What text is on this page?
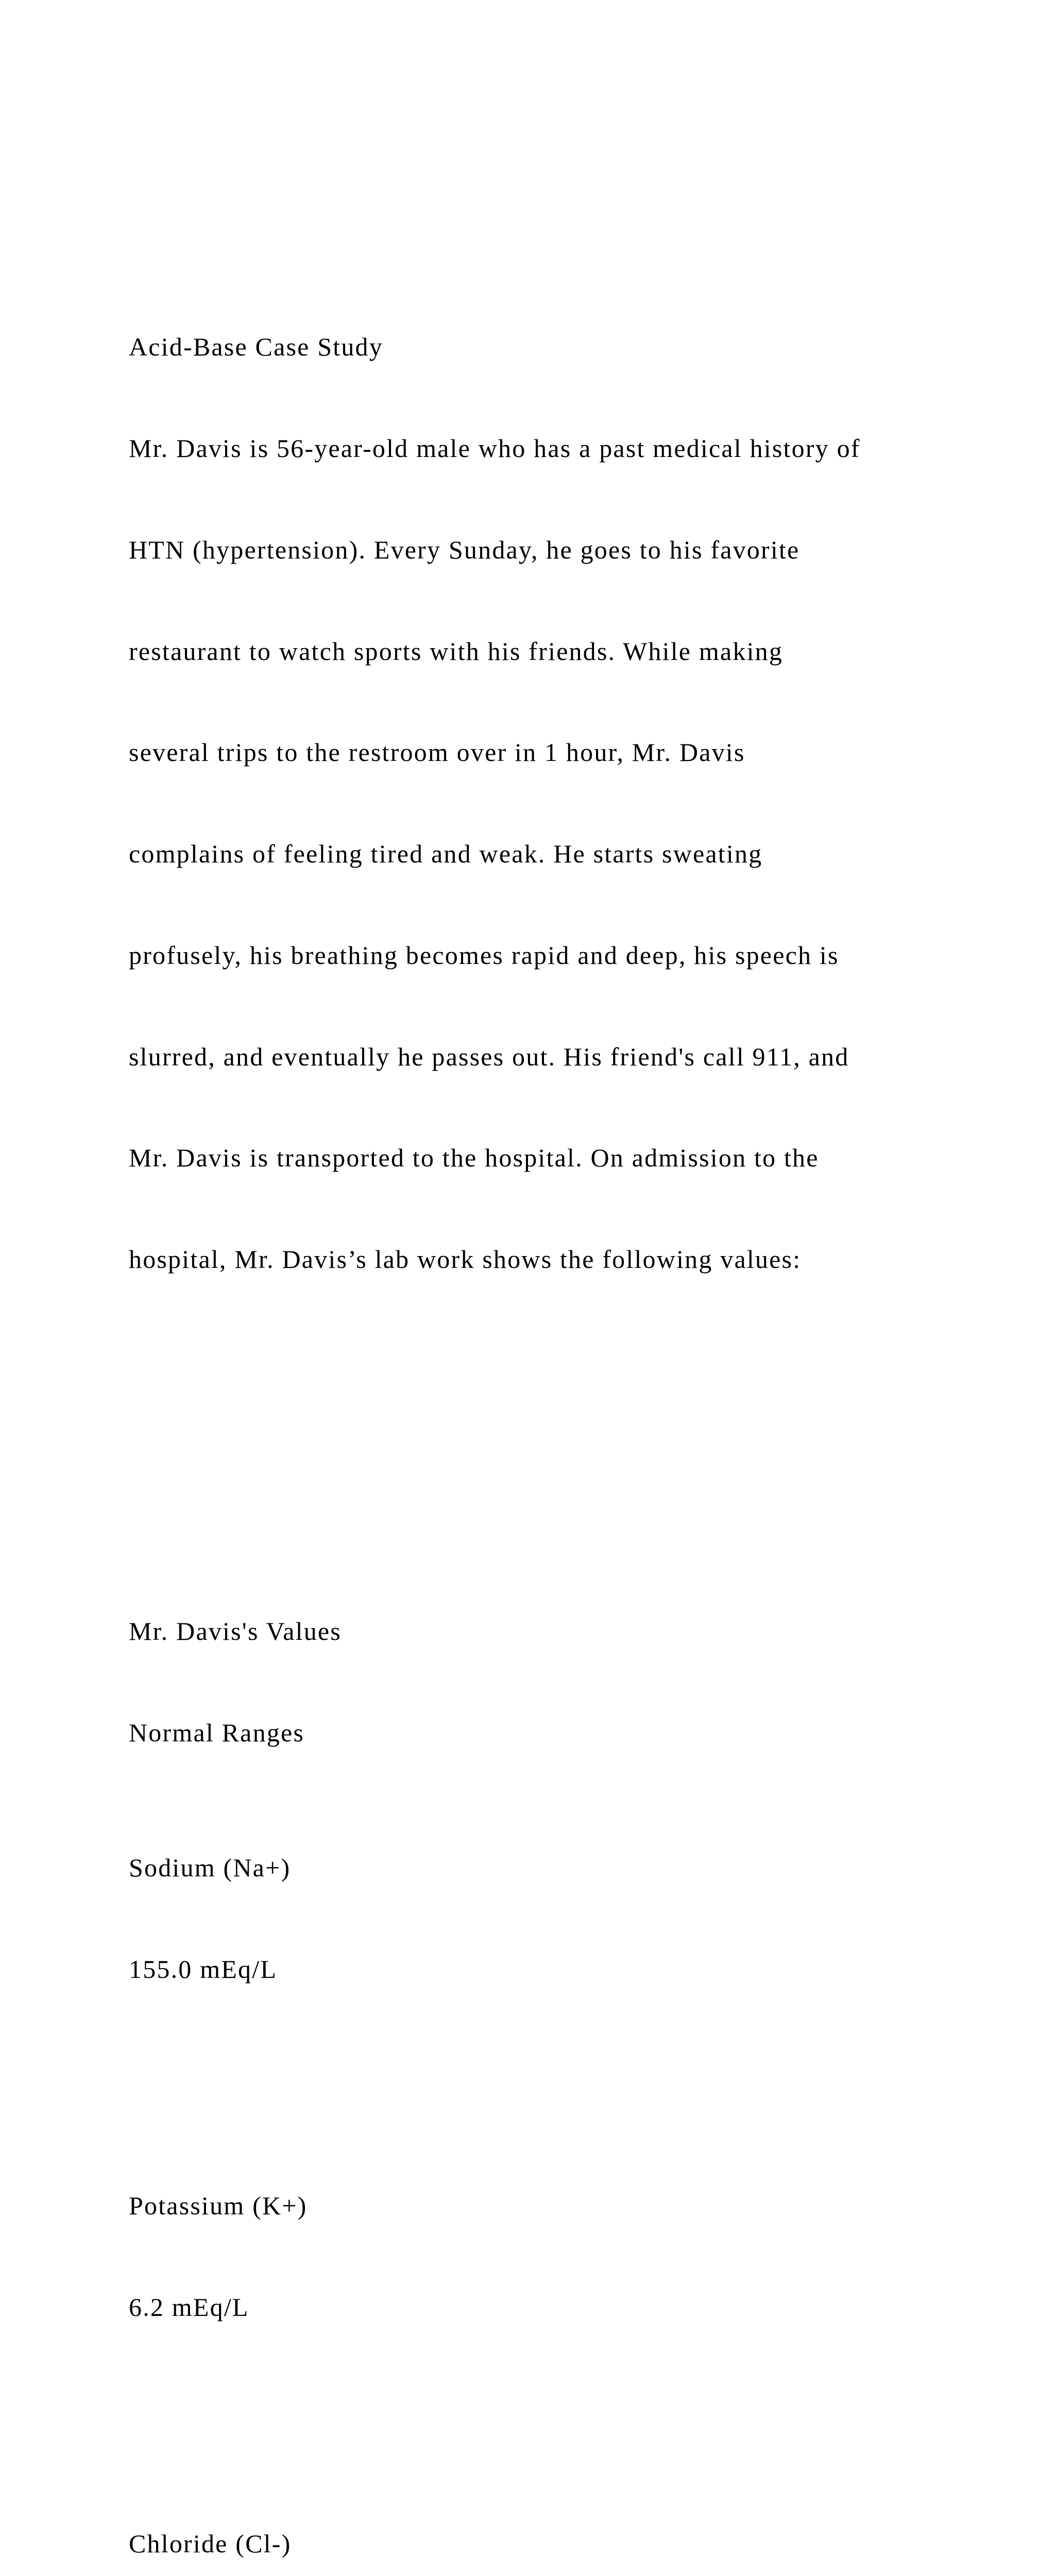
Acid-Base Case Study

Mr. Davis is 56-year-old male who has a past medical history of

HTN (hypertension). Every Sunday, he goes to his favorite

restaurant to watch sports with his friends. While making

several trips to the restroom over in 1 hour, Mr. Davis

complains of feeling tired and weak. He starts sweating

profusely, his breathing becomes rapid and deep, his speech is

slurred, and eventually he passes out. His friend's call 911, and

Mr. Davis is transported to the hospital. On admission to the

hospital, Mr. Davis’s lab work shows the following values:

Mr. Davis's Values

Normal Ranges

Sodium (Na+)

155.0 mEq/L

Potassium (K+)

6.2 mEq/L

Chloride (Cl-)
